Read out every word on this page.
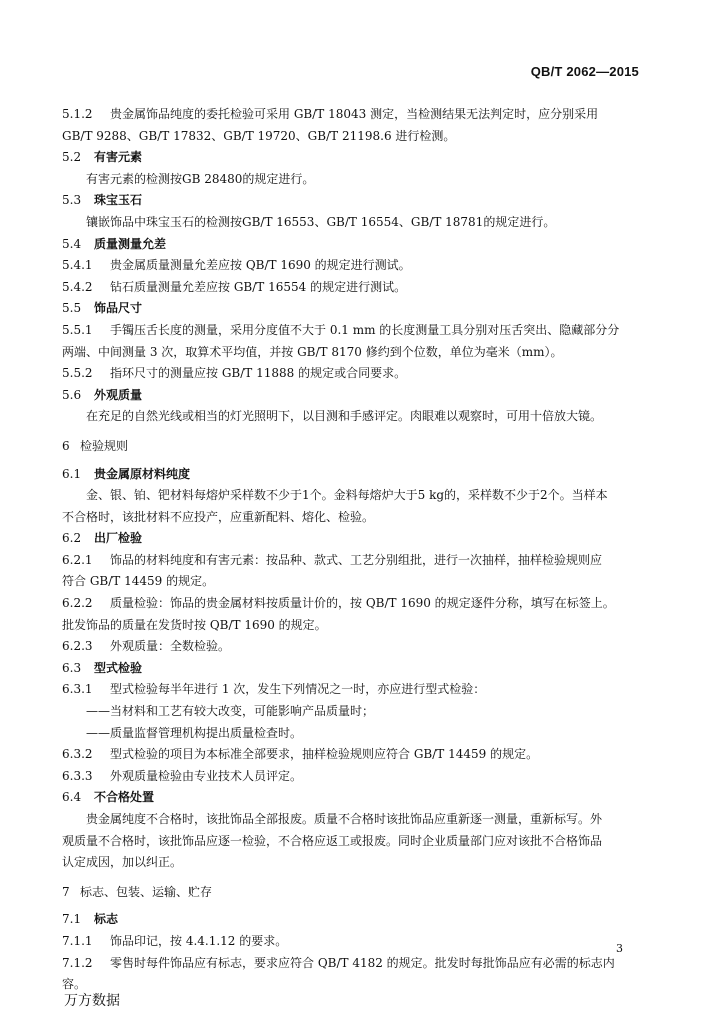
QB/T 2062—2015
5.1.2 贵金属饰品纯度的委托检验可采用 GB/T 18043 测定，当检测结果无法判定时，应分别采用
GB/T 9288、GB/T 17832、GB/T 19720、GB/T 21198.6 进行检测。
5.2 有害元素
有害元素的检测按GB 28480的规定进行。
5.3 珠宝玉石
镶嵌饰品中珠宝玉石的检测按GB/T 16553、GB/T 16554、GB/T 18781的规定进行。
5.4 质量测量允差
5.4.1 贵金属质量测量允差应按 QB/T 1690 的规定进行测试。
5.4.2 钻石质量测量允差应按 GB/T 16554 的规定进行测试。
5.5 饰品尺寸
5.5.1 手镯压舌长度的测量，采用分度值不大于 0.1 mm 的长度测量工具分别对压舌突出、隐藏部分分
两端、中间测量 3 次，取算术平均值，并按 GB/T 8170 修约到个位数，单位为毫米（mm）。
5.5.2 指环尺寸的测量应按 GB/T 11888 的规定或合同要求。
5.6 外观质量
在充足的自然光线或相当的灯光照明下，以目测和手感评定。肉眼难以观察时，可用十倍放大镜。
6 检验规则
6.1 贵金属原材料纯度
金、银、铂、钯材料每熔炉采样数不少于1个。金料每熔炉大于5 kg的，采样数不少于2个。当样本
不合格时，该批材料不应投产，应重新配料、熔化、检验。
6.2 出厂检验
6.2.1 饰品的材料纯度和有害元素：按品种、款式、工艺分别组批，进行一次抽样，抽样检验规则应
符合 GB/T 14459 的规定。
6.2.2 质量检验：饰品的贵金属材料按质量计价的，按 QB/T 1690 的规定逐件分称，填写在标签上。
批发饰品的质量在发货时按 QB/T 1690 的规定。
6.2.3 外观质量：全数检验。
6.3 型式检验
6.3.1 型式检验每半年进行 1 次，发生下列情况之一时，亦应进行型式检验：
——当材料和工艺有较大改变，可能影响产品质量时；
——质量监督管理机构提出质量检查时。
6.3.2 型式检验的项目为本标准全部要求，抽样检验规则应符合 GB/T 14459 的规定。
6.3.3 外观质量检验由专业技术人员评定。
6.4 不合格处置
贵金属纯度不合格时，该批饰品全部报废。质量不合格时该批饰品应重新逐一测量，重新标写。外
观质量不合格时，该批饰品应逐一检验，不合格应返工或报废。同时企业质量部门应对该批不合格饰品
认定成因，加以纠正。
7 标志、包装、运输、贮存
7.1 标志
7.1.1 饰品印记，按 4.4.1.12 的要求。
7.1.2 零售时每件饰品应有标志，要求应符合 QB/T 4182 的规定。批发时每批饰品应有必需的标志内
容。
3
万方数据
